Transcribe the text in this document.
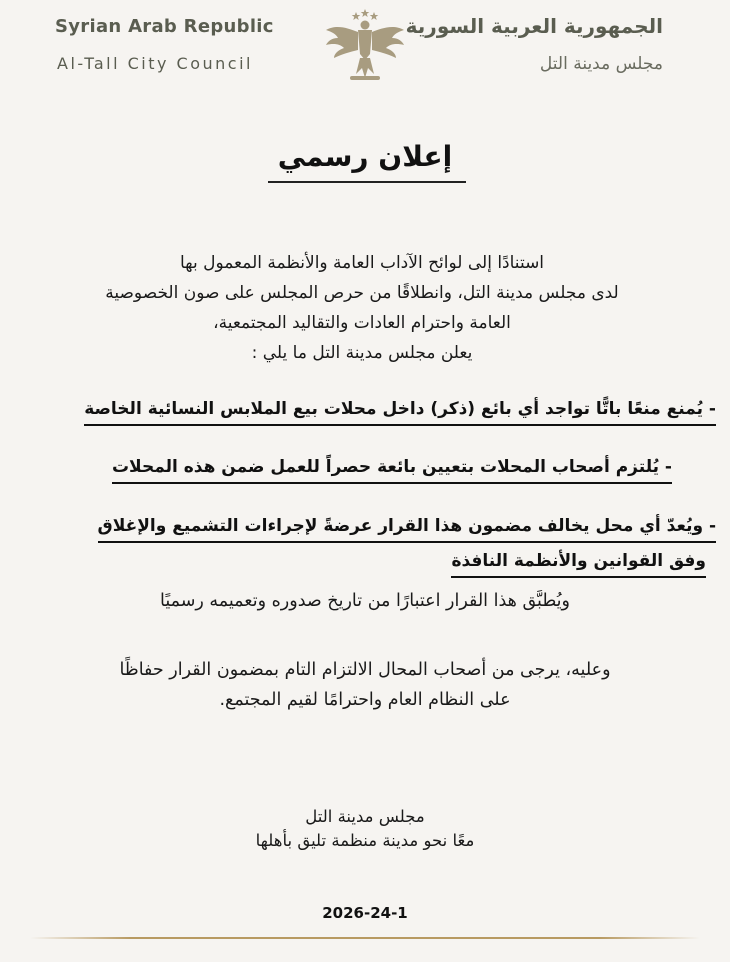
Syrian Arab Republic
Al-Tall City Council
الجمهورية العربية السورية
مجلس مدينة التل
إعلان رسمي
استنادًا إلى لوائح الآداب العامة والأنظمة المعمول بها
لدى مجلس مدينة التل، وانطلاقًا من حرص المجلس على صون الخصوصية
العامة واحترام العادات والتقاليد المجتمعية،
يعلن مجلس مدينة التل ما يلي :
- يُمنع منعًا باتًّا تواجد أي بائع (ذكر) داخل محلات بيع الملابس النسائية الخاصة
- يُلتزم أصحاب المحلات بتعيين بائعة حصراً للعمل ضمن هذه المحلات
- ويُعدّ أي محل يخالف مضمون هذا القرار عرضةً لإجراءات التشميع والإغلاق وفق القوانين والأنظمة النافذة
ويُطبَّق هذا القرار اعتبارًا من تاريخ صدوره وتعميمه رسميًا
وعليه، يرجى من أصحاب المحال الالتزام التام بمضمون القرار حفاظًا
على النظام العام واحترامًا لقيم المجتمع.
مجلس مدينة التل
معًا نحو مدينة منظمة تليق بأهلها
2026-24-1
